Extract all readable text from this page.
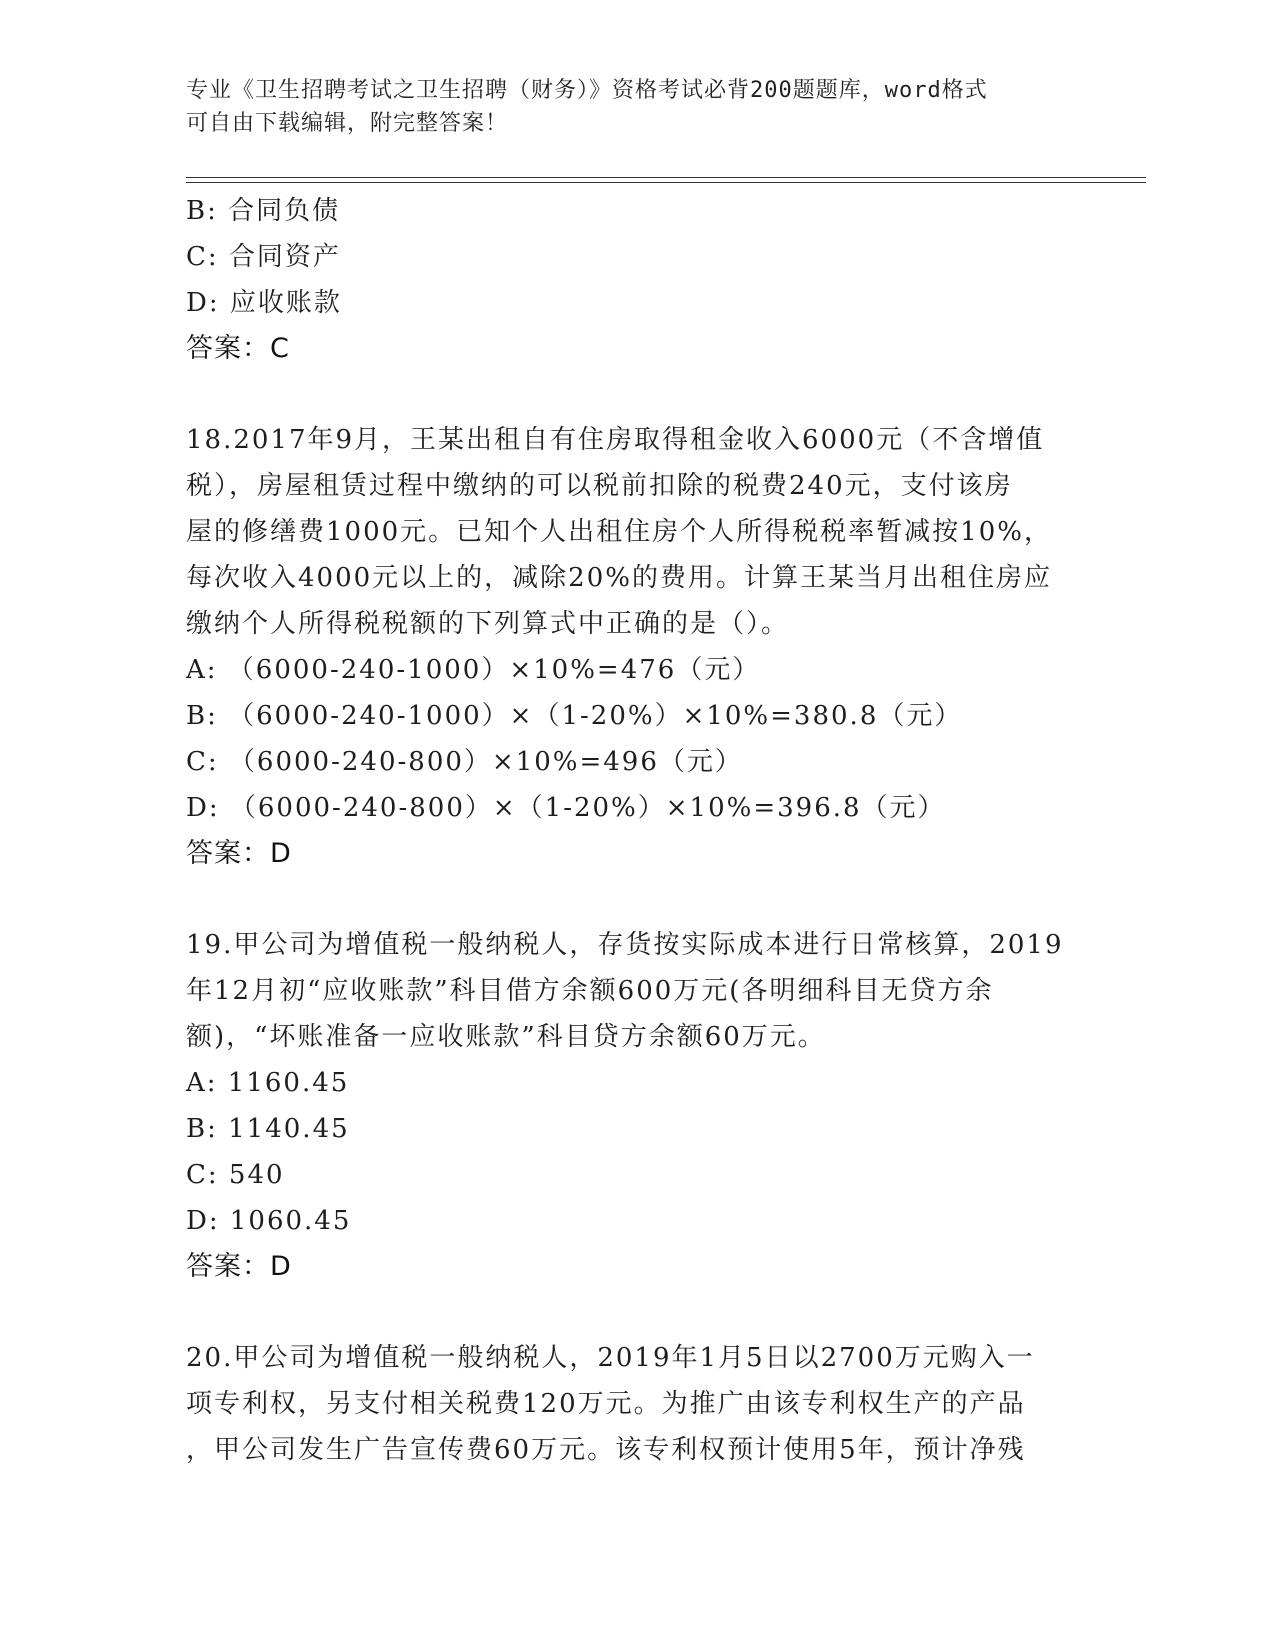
专业《卫生招聘考试之卫生招聘（财务）》资格考试必背200题题库，word格式
可自由下载编辑，附完整答案！
B: 合同负债
C: 合同资产
D: 应收账款
答案：C
18.2017年9月，王某出租自有住房取得租金收入6000元（不含增值
税），房屋租赁过程中缴纳的可以税前扣除的税费240元，支付该房
屋的修缮费1000元。已知个人出租住房个人所得税税率暂减按10%，
每次收入4000元以上的，减除20%的费用。计算王某当月出租住房应
缴纳个人所得税税额的下列算式中正确的是（）。
A: （6000-240-1000）×10%=476（元）
B: （6000-240-1000）×（1-20%）×10%=380.8（元）
C: （6000-240-800）×10%=496（元）
D: （6000-240-800）×（1-20%）×10%=396.8（元）
答案：D
19.甲公司为增值税一般纳税人，存货按实际成本进行日常核算，2019
年12月初“应收账款”科目借方余额600万元(各明细科目无贷方余
额)，“坏账准备一应收账款”科目贷方余额60万元。
A: 1160.45
B: 1140.45
C: 540
D: 1060.45
答案：D
20.甲公司为增值税一般纳税人，2019年1月5日以2700万元购入一
项专利权，另支付相关税费120万元。为推广由该专利权生产的产品
，甲公司发生广告宣传费60万元。该专利权预计使用5年，预计净残
